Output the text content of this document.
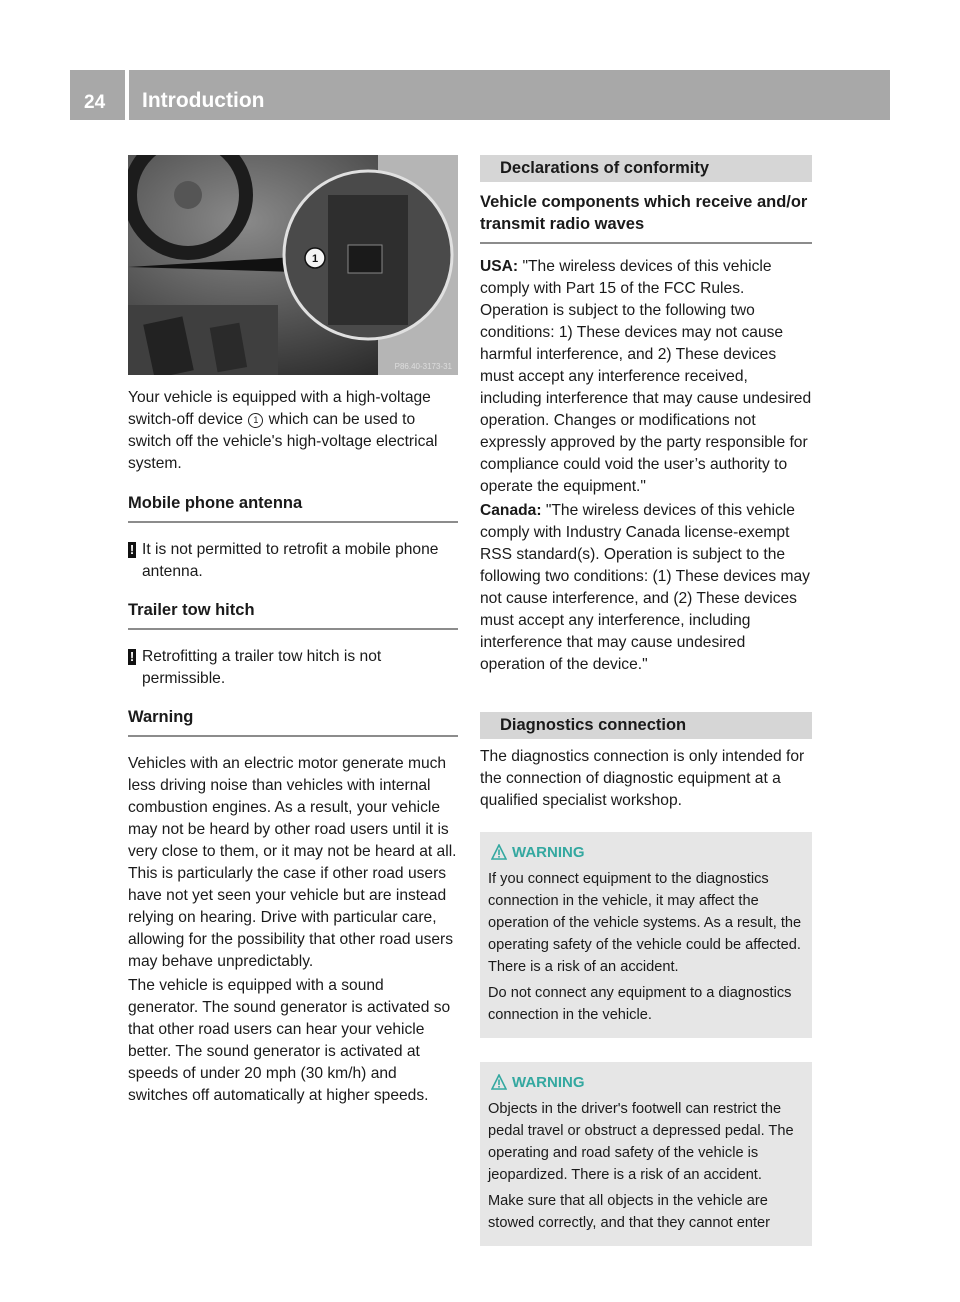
24 Introduction
1
P86.40-3173-31

Your vehicle is equipped with a high-voltage switch-off device 1 which can be used to switch off the vehicle's high-voltage electrical system.

Mobile phone antenna
! It is not permitted to retrofit a mobile phone antenna.
Trailer tow hitch
! Retrofitting a trailer tow hitch is not permissible.
Warning

Vehicles with an electric motor generate much less driving noise than vehicles with internal combustion engines. As a result, your vehicle may not be heard by other road users until it is very close to them, or it may not be heard at all. This is particularly the case if other road users have not yet seen your vehicle but are instead relying on hearing. Drive with particular care, allowing for the possibility that other road users may behave unpredictably.

The vehicle is equipped with a sound generator. The sound generator is activated so that other road users can hear your vehicle better. The sound generator is activated at speeds of under 20 mph (30 km/h) and switches off automatically at higher speeds.

Declarations of conformity
Vehicle components which receive and/or transmit radio waves

USA: "The wireless devices of this vehicle comply with Part 15 of the FCC Rules. Operation is subject to the following two conditions: 1) These devices may not cause harmful interference, and 2) These devices must accept any interference received, including interference that may cause undesired operation. Changes or modifications not expressly approved by the party responsible for compliance could void the user’s authority to operate the equipment."

Canada: "The wireless devices of this vehicle comply with Industry Canada license-exempt RSS standard(s). Operation is subject to the following two conditions: (1) These devices may not cause interference, and (2) These devices must accept any interference, including interference that may cause undesired operation of the device."

Diagnostics connection

The diagnostics connection is only intended for the connection of diagnostic equipment at a qualified specialist workshop.

WARNING

If you connect equipment to the diagnostics connection in the vehicle, it may affect the operation of the vehicle systems. As a result, the operating safety of the vehicle could be affected. There is a risk of an accident.

Do not connect any equipment to a diagnostics connection in the vehicle.

WARNING

Objects in the driver's footwell can restrict the pedal travel or obstruct a depressed pedal. The operating and road safety of the vehicle is jeopardized. There is a risk of an accident.

Make sure that all objects in the vehicle are stowed correctly, and that they cannot enter
